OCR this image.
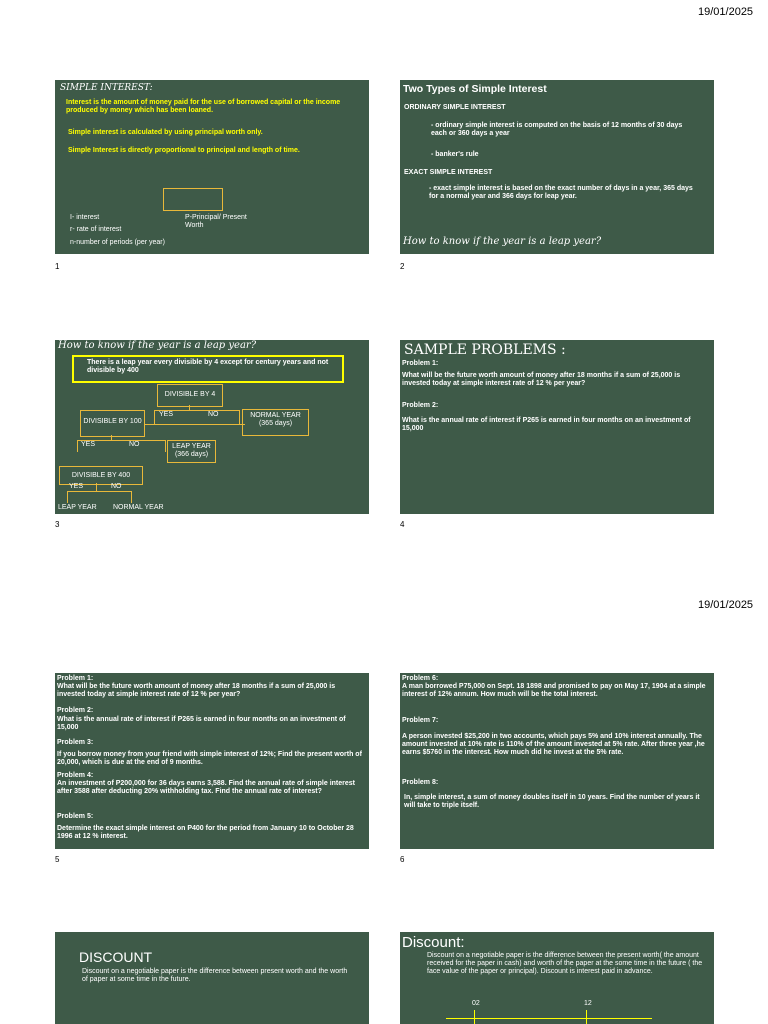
19/01/2025
19/01/2025
SIMPLE INTEREST:
Interest is the amount of money paid for the use of borrowed capital or the income produced by money which has been loaned.
Simple interest is calculated by using principal worth only.
Simple Interest is directly proportional to principal and length of time.
I- interest
r- rate of interest
n-number of periods (per year)
P-Principal/ Present Worth
1
Two Types of Simple Interest
ORDINARY SIMPLE INTEREST
- ordinary simple interest is computed on the basis of 12 months of 30 days each or 360 days a year
- banker's rule
EXACT SIMPLE INTEREST
- exact simple interest is based on the exact number of days in a year, 365 days for a normal year and 366 days for leap year.
How to know if the year is a leap year?
2
How to know if the year is a leap year?
There is a leap year every divisible by 4 except for century years and not divisible by 400
DIVISIBLE BY 4
YES	NO	NORMAL YEAR (365 days)
DIVISIBLE BY 100
YES	NO	LEAP YEAR (366 days)
DIVISIBLE BY 400
YES	NO
LEAP YEAR NORMAL YEAR
3
SAMPLE PROBLEMS :
Problem 1:
What will be the future worth amount of money after 18 months if a sum of 25,000 is invested today at simple interest rate of 12 % per year?
Problem 2:
What is the annual rate of interest if P265 is earned in four months on an investment of 15,000
4
Problem 1:
What will be the future worth amount of money after 18 months if a sum of 25,000 is invested today at simple interest rate of 12 % per year?
Problem 2:
What is the annual rate of interest if P265 is earned in four months on an investment of 15,000
Problem 3:
If you borrow money from your friend with simple interest of 12%; Find the present worth of 20,000, which is due at the end of 9 months.
Problem 4:
An investment of P200,000 for 36 days earns 3,588. Find the annual rate of simple interest after 3588 after deducting 20% withholding tax. Find the annual rate of interest?
Problem 5:
Determine the exact simple interest on P400 for the period from January 10 to October 28 1996 at 12 % interest.
5
Problem 6:
A man borrowed P75,000 on Sept. 18 1898 and promised to pay on May 17, 1904 at a simple interest of 12% annum. How much will be the total interest.
Problem 7:
A person invested $25,200 in two accounts, which pays 5% and 10% interest annually. The amount invested at 10% rate is 110% of the amount invested at 5% rate. After three year ,he earns $5760 in the interest. How much did he invest at the 5% rate.
Problem 8:
In, simple interest, a sum of money doubles itself in 10 years. Find the number of years it will take to triple itself.
6
DISCOUNT
Discount on a negotiable paper is the difference between present worth and the worth of paper at some time in the future.
Discount:
Discount on a negotiable paper is the difference between the present worth( the amount received for the paper in cash) and worth of the paper at the some time in the future ( the face value of the paper or principal). Discount is interest paid in advance.
02	12
